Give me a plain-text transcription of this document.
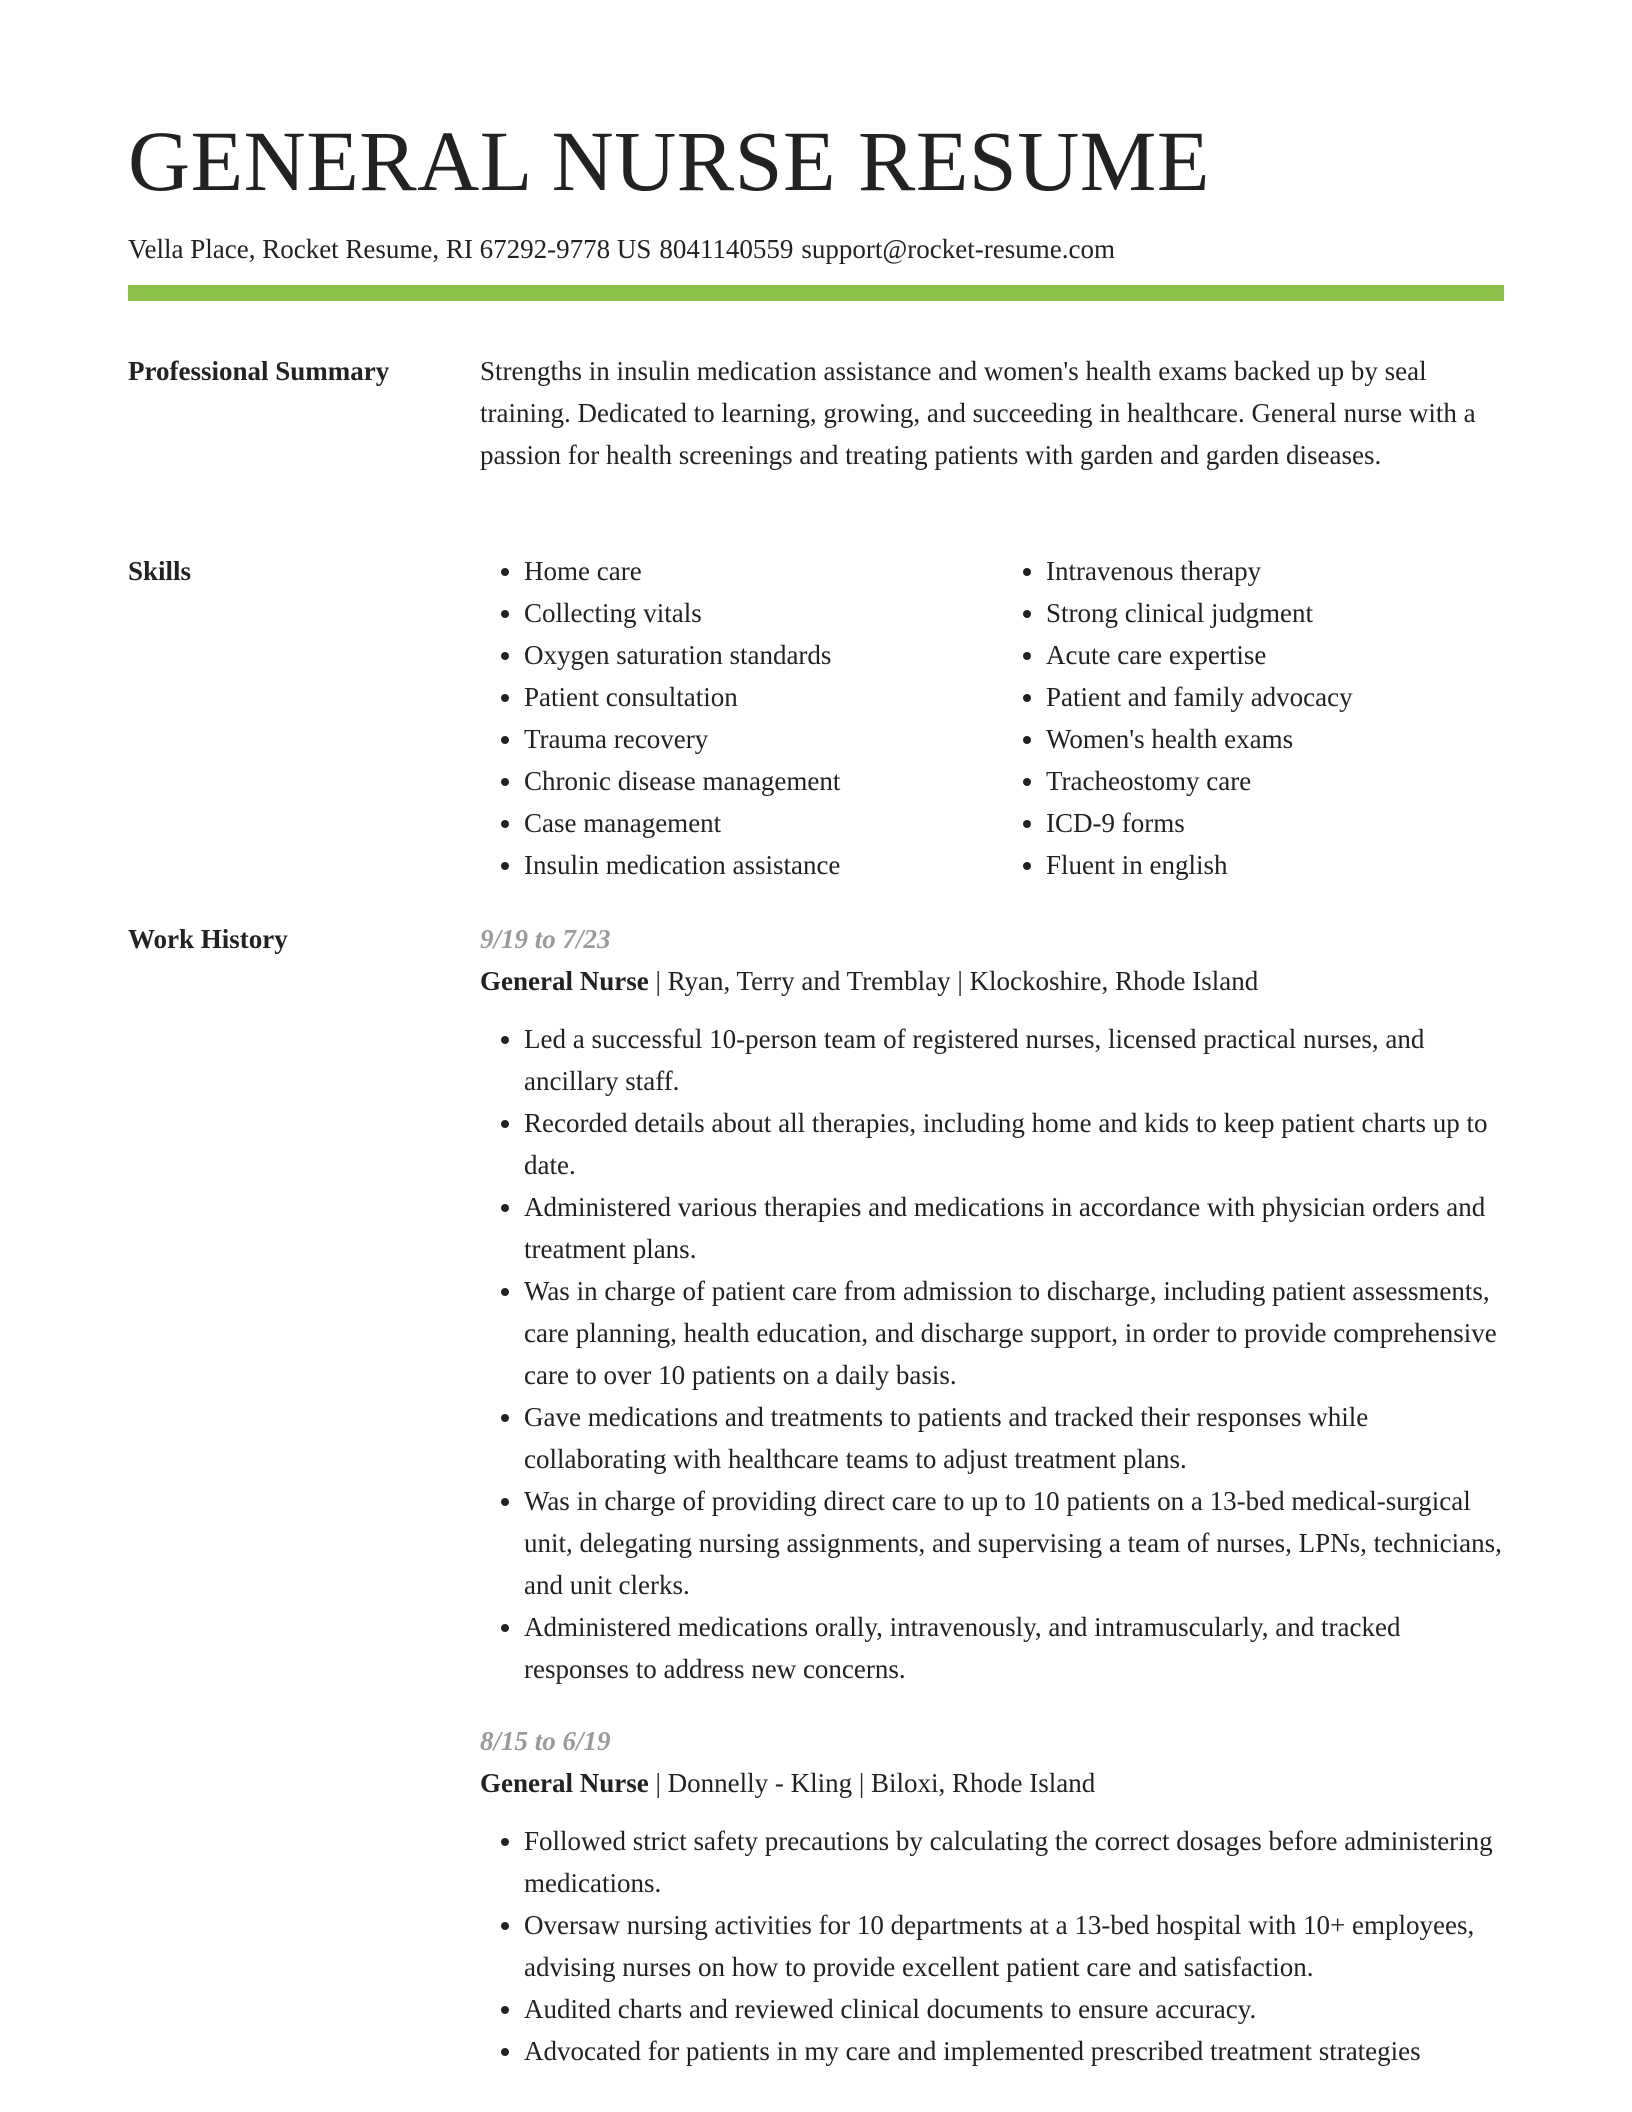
GENERAL NURSE RESUME
Vella Place, Rocket Resume, RI 67292-9778 US 8041140559 support@rocket-resume.com
Professional Summary	Strengths in insulin medication assistance and women's health exams backed up by seal training. Dedicated to learning, growing, and succeeding in healthcare. General nurse with a passion for health screenings and treating patients with garden and garden diseases.

Skills
•	Home care
• Collecting vitals
• Oxygen saturation standards
• Patient consultation
• Trauma recovery
• Chronic disease management
• Case management
• Insulin medication assistance
• Intravenous therapy
• Strong clinical judgment
• Acute care expertise
• Patient and family advocacy
• Women's health exams
• Tracheostomy care
• ICD-9 forms
• Fluent in english
Work History	9/19 to 7/23
General Nurse | Ryan, Terry and Tremblay | Klockoshire, Rhode Island
• Led a successful 10-person team of registered nurses, licensed practical nurses, and ancillary staff.
• Recorded details about all therapies, including home and kids to keep patient charts up to date.
• Administered various therapies and medications in accordance with physician orders and treatment plans.
• Was in charge of patient care from admission to discharge, including patient assessments, care planning, health education, and discharge support, in order to provide comprehensive care to over 10 patients on a daily basis.
• Gave medications and treatments to patients and tracked their responses while collaborating with healthcare teams to adjust treatment plans.
• Was in charge of providing direct care to up to 10 patients on a 13-bed medical-surgical unit, delegating nursing assignments, and supervising a team of nurses, LPNs, technicians, and unit clerks.
• Administered medications orally, intravenously, and intramuscularly, and tracked responses to address new concerns.
8/15 to 6/19
General Nurse | Donnelly - Kling | Biloxi, Rhode Island
• Followed strict safety precautions by calculating the correct dosages before administering medications.
• Oversaw nursing activities for 10 departments at a 13-bed hospital with 10+ employees, advising nurses on how to provide excellent patient care and satisfaction.
• Audited charts and reviewed clinical documents to ensure accuracy.
• Advocated for patients in my care and implemented prescribed treatment strategies
